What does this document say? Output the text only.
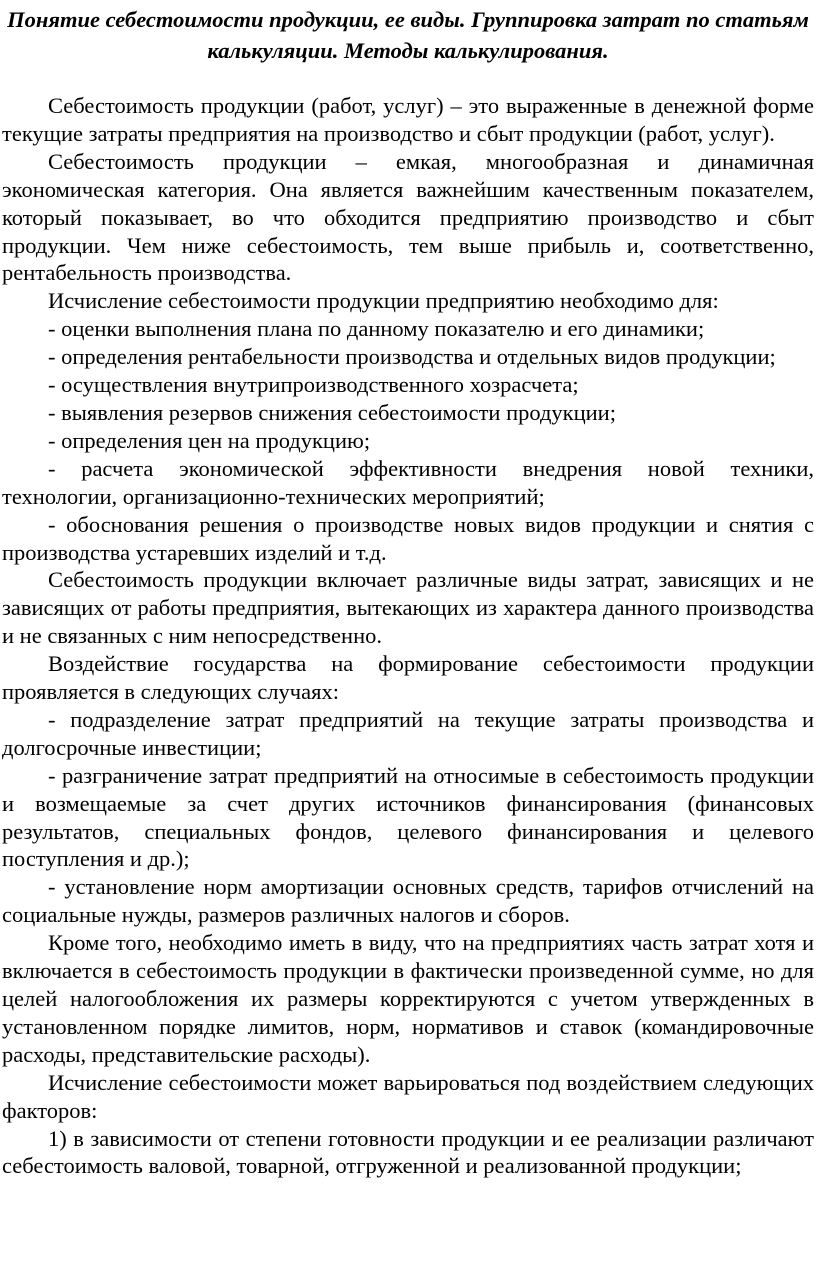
Понятие себестоимости продукции, ее виды. Группировка затрат по статьям калькуляции. Методы калькулирования.

Себестоимость продукции (работ, услуг) – это выраженные в денежной форме текущие затраты предприятия на производство и сбыт продукции (работ, услуг).

Себестоимость продукции – емкая, многообразная и динамичная экономическая категория. Она является важнейшим качественным показателем, который показывает, во что обходится предприятию производство и сбыт продукции. Чем ниже себестоимость, тем выше прибыль и, соответственно, рентабельность производства.

Исчисление себестоимости продукции предприятию необходимо для:

- оценки выполнения плана по данному показателю и его динамики;

- определения рентабельности производства и отдельных видов продукции;

- осуществления внутрипроизводственного хозрасчета;

- выявления резервов снижения себестоимости продукции;

- определения цен на продукцию;

- расчета экономической эффективности внедрения новой техники, технологии, организационно-технических мероприятий;

- обоснования решения о производстве новых видов продукции и снятия с производства устаревших изделий и т.д.

Себестоимость продукции включает различные виды затрат, зависящих и не зависящих от работы предприятия, вытекающих из характера данного производства и не связанных с ним непосредственно.

Воздействие государства на формирование себестоимости продукции проявляется в следующих случаях:

- подразделение затрат предприятий на текущие затраты производства и долгосрочные инвестиции;

- разграничение затрат предприятий на относимые в себестоимость продукции и возмещаемые за счет других источников финансирования (финансовых результатов, специальных фондов, целевого финансирования и целевого поступления и др.);

- установление норм амортизации основных средств, тарифов отчислений на социальные нужды, размеров различных налогов и сборов.

Кроме того, необходимо иметь в виду, что на предприятиях часть затрат хотя и включается в себестоимость продукции в фактически произведенной сумме, но для целей налогообложения их размеры корректируются с учетом утвержденных в установленном порядке лимитов, норм, нормативов и ставок (командировочные расходы, представительские расходы).

Исчисление себестоимости может варьироваться под воздействием следующих факторов:

1) в зависимости от степени готовности продукции и ее реализации различают себестоимость валовой, товарной, отгруженной и реализованной продукции;
